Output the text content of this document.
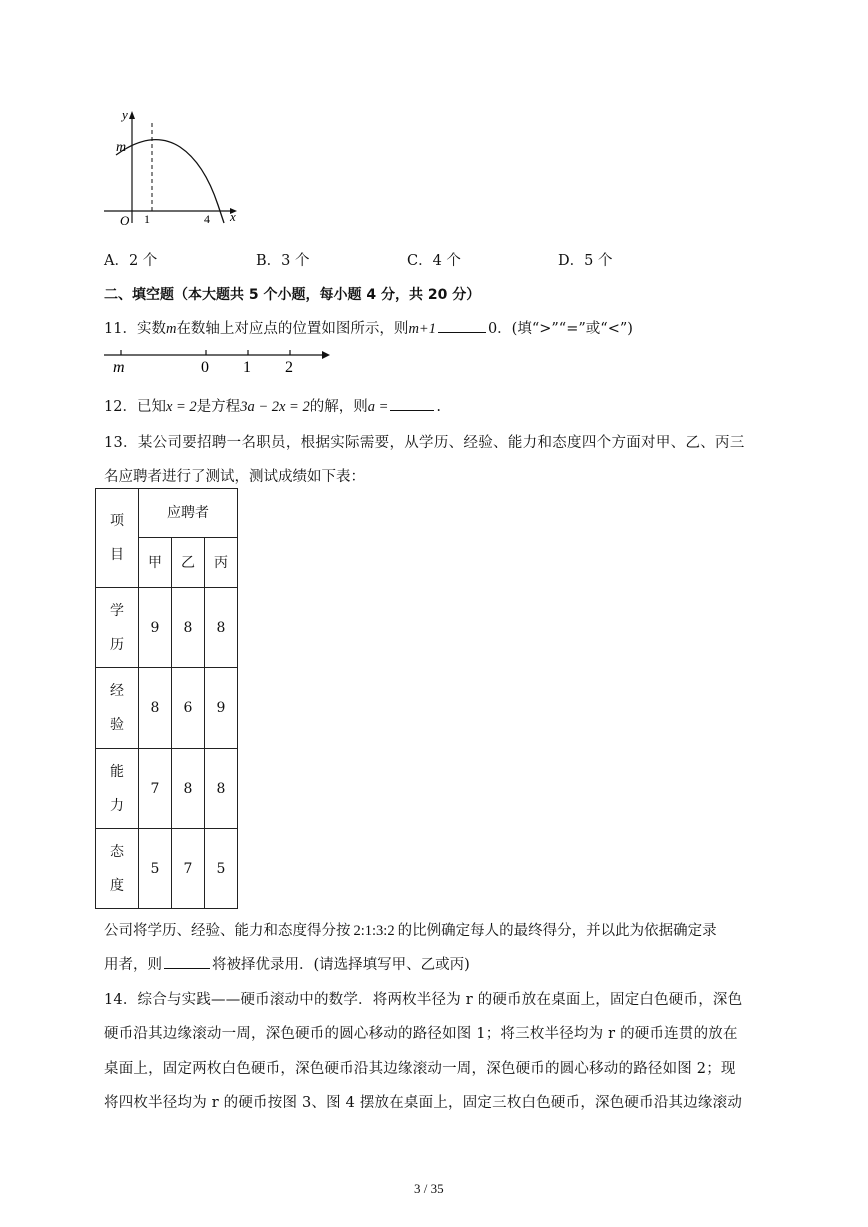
y
m
O 1	4 x
A．2 个	B．3 个	C．4 个	D．5 个
二、填空题（本大题共 5 个小题，每小题 4 分，共 20 分）
11．实数m在数轴上对应点的位置如图所示，则m+1	0．(填“>”“=”或“<”)
m	0 1 2
12．已知x = 2是方程3a − 2x = 2的解，则a =	.
13．某公司要招聘一名职员，根据实际需要，从学历、经验、能力和态度四个方面对甲、乙、丙三
名应聘者进行了测试，测试成绩如下表：
项
目	应聘者		
	甲	乙	丙

学
历	9	8	8

经
验	8	6	9

能
力	7	8	8

态
度	5	7	5
公司将学历、经验、能力和态度得分按 2:1:3:2 的比例确定每人的最终得分，并以此为依据确定录
用者，则	将被择优录用．(请选择填写甲、乙或丙)
14．综合与实践——硬币滚动中的数学．将两枚半径为 r 的硬币放在桌面上，固定白色硬币，深色
硬币沿其边缘滚动一周，深色硬币的圆心移动的路径如图 1；将三枚半径均为 r 的硬币连贯的放在
桌面上，固定两枚白色硬币，深色硬币沿其边缘滚动一周，深色硬币的圆心移动的路径如图 2；现
将四枚半径均为 r 的硬币按图 3、图 4 摆放在桌面上，固定三枚白色硬币，深色硬币沿其边缘滚动
3 / 35
